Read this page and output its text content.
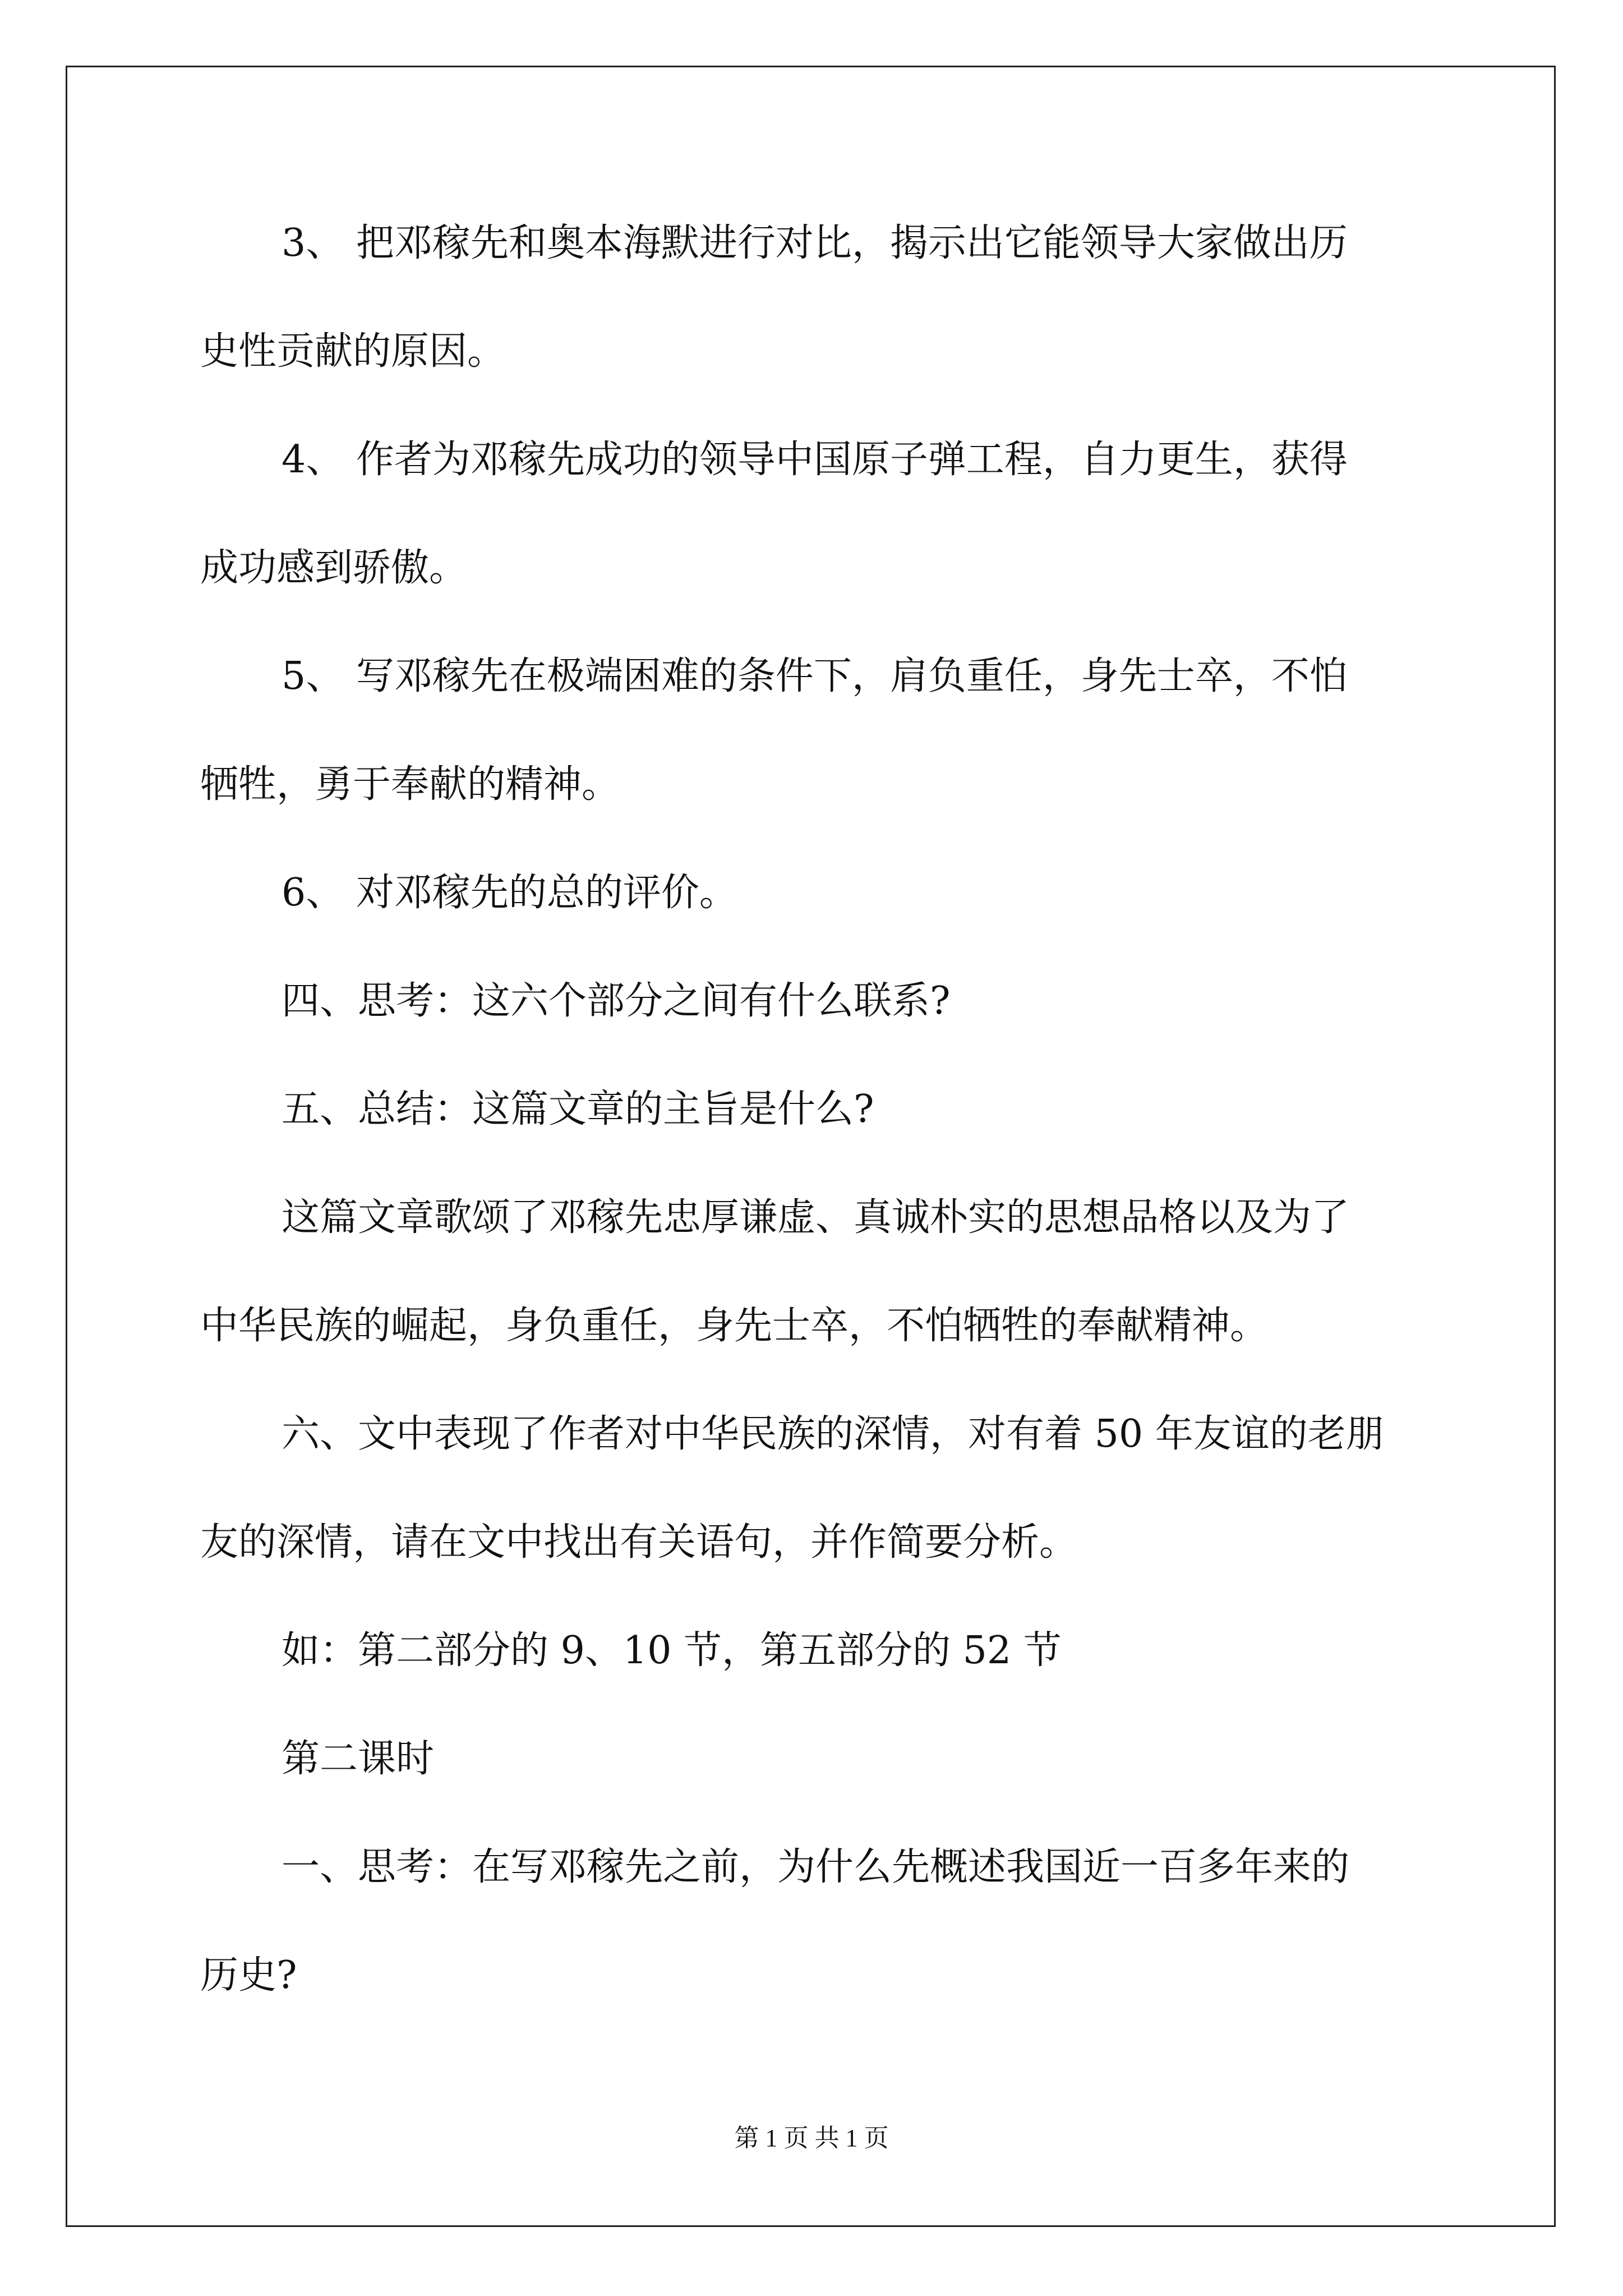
3、 把邓稼先和奥本海默进行对比，揭示出它能领导大家做出历
史性贡献的原因。
4、 作者为邓稼先成功的领导中国原子弹工程，自力更生，获得
成功感到骄傲。
5、 写邓稼先在极端困难的条件下，肩负重任，身先士卒，不怕
牺牲，勇于奉献的精神。
6、 对邓稼先的总的评价。
四、思考：这六个部分之间有什么联系?
五、总结：这篇文章的主旨是什么?
这篇文章歌颂了邓稼先忠厚谦虚、真诚朴实的思想品格以及为了
中华民族的崛起，身负重任，身先士卒，不怕牺牲的奉献精神。
六、文中表现了作者对中华民族的深情，对有着 50 年友谊的老朋
友的深情，请在文中找出有关语句，并作简要分析。
如：第二部分的 9、10 节，第五部分的 52 节
第二课时
一、思考：在写邓稼先之前，为什么先概述我国近一百多年来的
历史?
第 1 页 共 1 页
